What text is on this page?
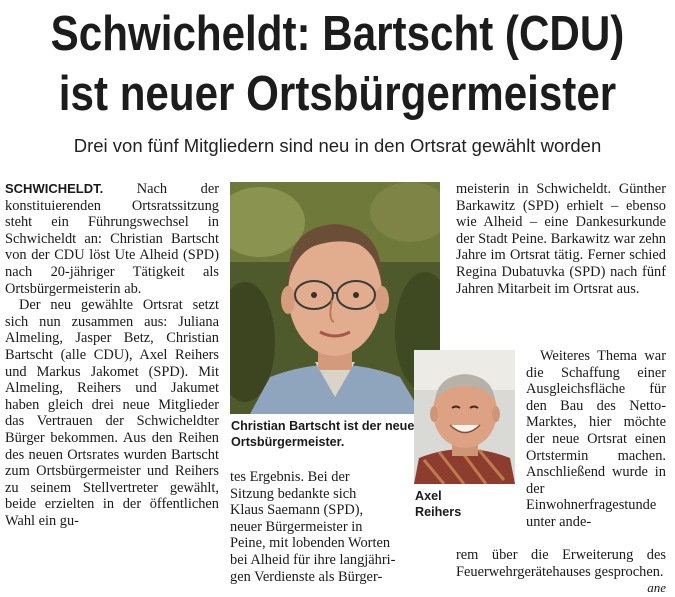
Schwicheldt: Bartscht (CDU)
ist neuer Ortsbürgermeister
Drei von fünf Mitgliedern sind neu in den Ortsrat gewählt worden

SCHWICHELDT. Nach der konstituierenden Ortsratssitzung steht ein Führungswechsel in Schwicheldt an: Christian Bartscht von der CDU löst Ute Alheid (SPD) nach 20-jähriger Tätigkeit als Ortsbürgermeisterin ab.

Der neu gewählte Ortsrat setzt sich nun zusammen aus: Juliana Almeling, Jasper Betz, Christian Bartscht (alle CDU), Axel Reihers und Markus Jakomet (SPD). Mit Almeling, Reihers und Jakumet haben gleich drei neue Mitglieder das Vertrauen der Schwicheldter Bürger bekommen. Aus den Reihen des neuen Ortsrates wurden Bartscht zum Ortsbürgermeister und Reihers zu seinem Stellvertreter gewählt, beide erzielten in der öffentlichen Wahl ein gu-

Christian Bartscht ist der neue Ortsbürgermeister.
Axel Reihers

tes Ergebnis. Bei der

Sitzung bedankte sich

Klaus Saemann (SPD),

neuer Bürgermeister in

Peine, mit lobenden Worten

bei Alheid für ihre langjähri-

gen Verdienste als Bürger-

meisterin in Schwicheldt. Günther Barkawitz (SPD) erhielt – ebenso wie Alheid – eine Dankesurkunde der Stadt Peine. Barkawitz war zehn Jahre im Ortsrat tätig. Ferner schied Regina Dubatuvka (SPD) nach fünf Jahren Mitarbeit im Ortsrat aus.

Weiteres Thema war die Schaffung einer Ausgleichsfläche für den Bau des Netto-Marktes, hier möchte der neue Ortsrat einen Ortstermin machen. Anschließend wurde in der Einwohnerfragestunde unter ande-

rem über die Erweiterung des Feuerwehrgerätehauses gesprochen.
ane
